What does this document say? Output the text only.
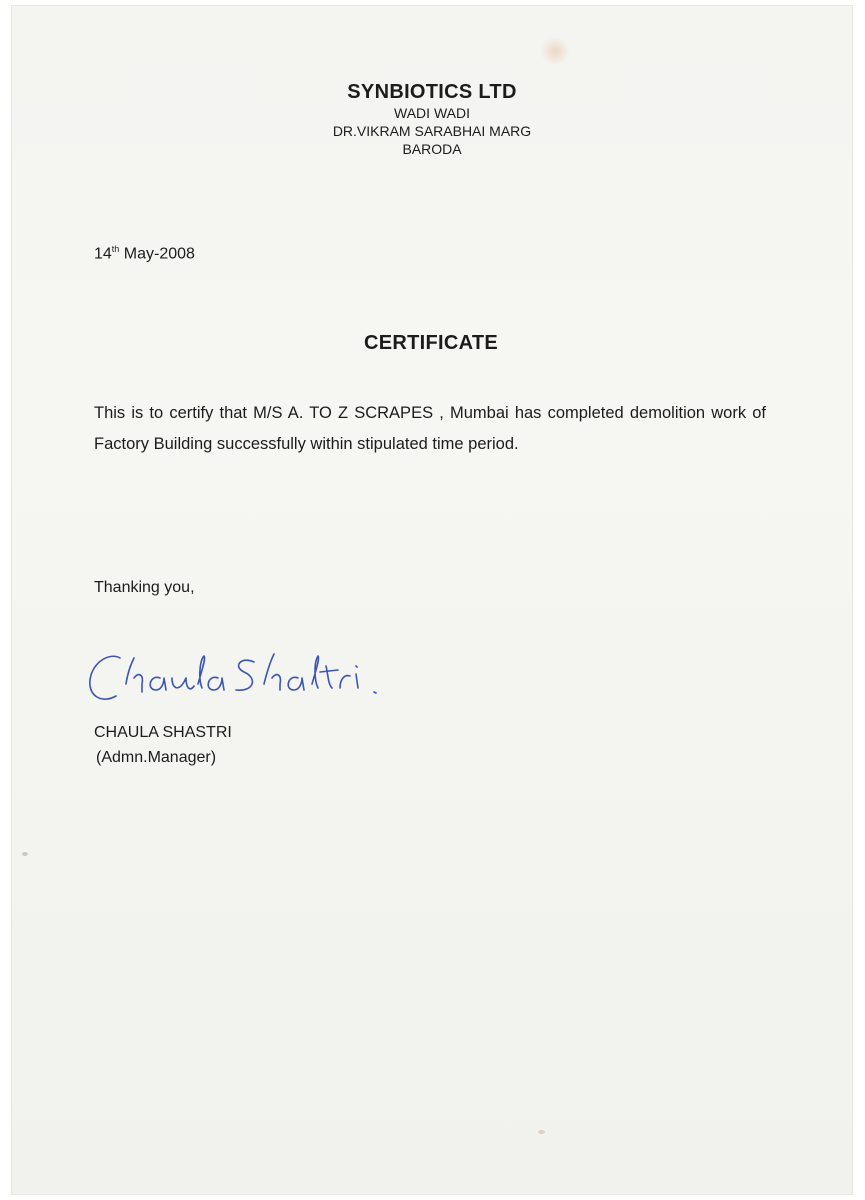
SYNBIOTICS LTD
WADI WADI
DR.VIKRAM SARABHAI MARG
BARODA
14th May-2008
CERTIFICATE
This is to certify that M/S A. TO Z SCRAPES , Mumbai has completed demolition work of Factory Building successfully within stipulated time period.
Thanking you,
CHAULA SHASTRI
(Admn.Manager)
